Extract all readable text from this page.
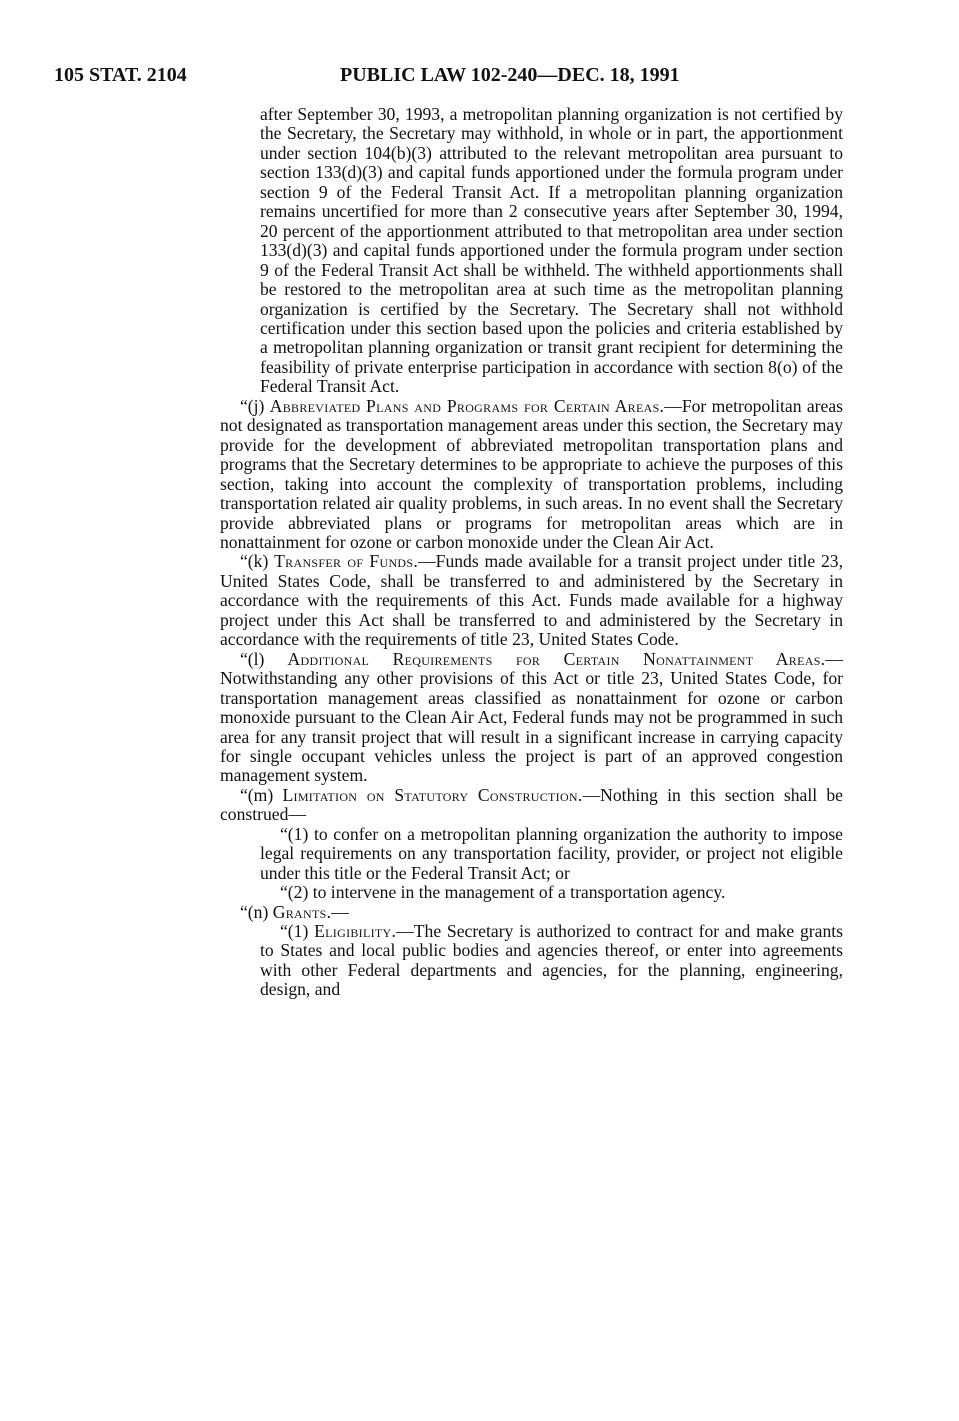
105 STAT. 2104	PUBLIC LAW 102-240—DEC. 18, 1991

after September 30, 1993, a metropolitan planning organization is not certified by the Secretary, the Secretary may withhold, in whole or in part, the apportionment under section 104(b)(3) attributed to the relevant metropolitan area pursuant to section 133(d)(3) and capital funds apportioned under the formula program under section 9 of the Federal Transit Act. If a metropolitan planning organization remains uncertified for more than 2 consecutive years after September 30, 1994, 20 percent of the apportionment attributed to that metropolitan area under section 133(d)(3) and capital funds apportioned under the formula program under section 9 of the Federal Transit Act shall be withheld. The withheld apportionments shall be restored to the metropolitan area at such time as the metropolitan planning organization is certified by the Secretary. The Secretary shall not withhold certification under this section based upon the policies and criteria established by a metropolitan planning organization or transit grant recipient for determining the feasibility of private enterprise participation in accordance with section 8(o) of the Federal Transit Act.

“(j) Abbreviated Plans and Programs for Certain Areas.—For metropolitan areas not designated as transportation management areas under this section, the Secretary may provide for the development of abbreviated metropolitan transportation plans and programs that the Secretary determines to be appropriate to achieve the purposes of this section, taking into account the complexity of transportation problems, including transportation related air quality problems, in such areas. In no event shall the Secretary provide abbreviated plans or programs for metropolitan areas which are in nonattainment for ozone or carbon monoxide under the Clean Air Act.

“(k) Transfer of Funds.—Funds made available for a transit project under title 23, United States Code, shall be transferred to and administered by the Secretary in accordance with the requirements of this Act. Funds made available for a highway project under this Act shall be transferred to and administered by the Secretary in accordance with the requirements of title 23, United States Code.

“(l) Additional Requirements for Certain Nonattainment Areas.—Notwithstanding any other provisions of this Act or title 23, United States Code, for transportation management areas classified as nonattainment for ozone or carbon monoxide pursuant to the Clean Air Act, Federal funds may not be programmed in such area for any transit project that will result in a significant increase in carrying capacity for single occupant vehicles unless the project is part of an approved congestion management system.

“(m) Limitation on Statutory Construction.—Nothing in this section shall be construed—

“(1) to confer on a metropolitan planning organization the authority to impose legal requirements on any transportation facility, provider, or project not eligible under this title or the Federal Transit Act; or

“(2) to intervene in the management of a transportation agency.

“(n) Grants.—

“(1) Eligibility.—The Secretary is authorized to contract for and make grants to States and local public bodies and agencies thereof, or enter into agreements with other Federal departments and agencies, for the planning, engineering, design, and
